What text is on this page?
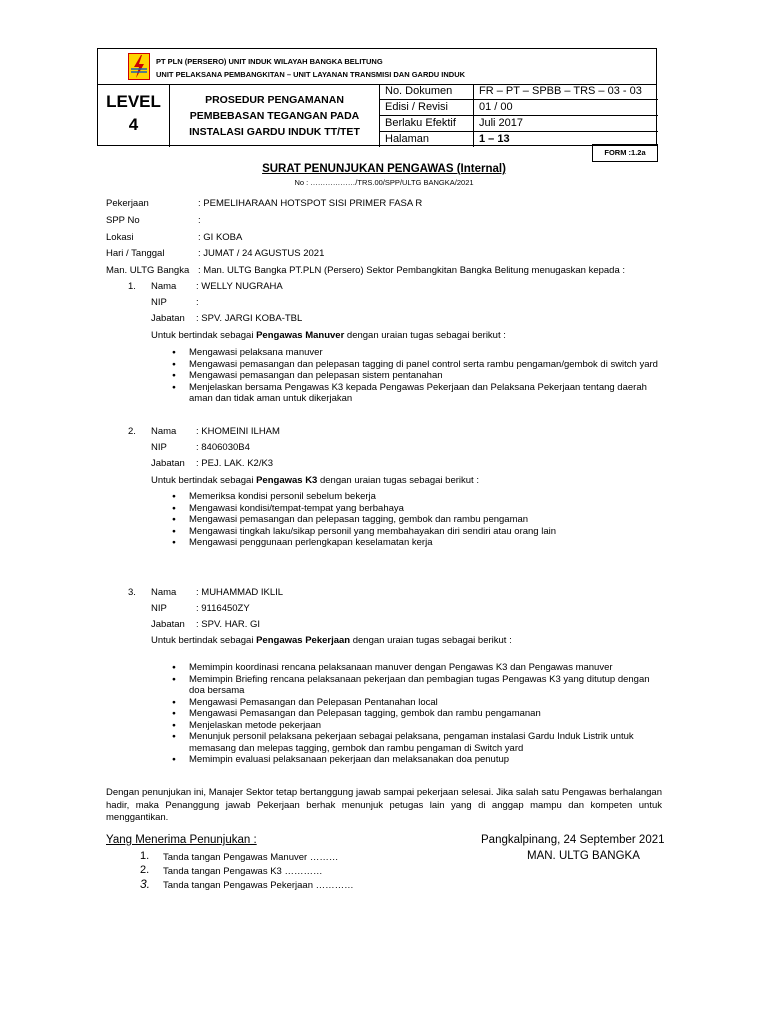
PT PLN (PERSERO) UNIT INDUK WILAYAH BANGKA BELITUNG
UNIT PELAKSANA PEMBANGKITAN – UNIT LAYANAN TRANSMISI DAN GARDU INDUK
LEVEL
4
PROSEDUR PENGAMANAN
PEMBEBASAN TEGANGAN PADA
INSTALASI GARDU INDUK TT/TET
No. Dokumen	FR – PT – SPBB – TRS – 03 - 03
Edisi / Revisi	01 / 00
Berlaku Efektif	Juli 2017
Halaman	1 – 13
FORM :1.2a
SURAT PENUNJUKAN PENGAWAS (Internal)
No : ………………/TRS.00/SPP/ULTG BANGKA/2021
Pekerjaan	: PEMELIHARAAN HOTSPOT SISI PRIMER FASA R
SPP No	:
Lokasi	: GI KOBA
Hari / Tanggal	: JUMAT / 24 AGUSTUS 2021
Man. ULTG Bangka : Man. ULTG Bangka PT.PLN (Persero) Sektor Pembangkitan Bangka Belitung menugaskan kepada :
1. Nama : WELLY NUGRAHA
NIP	:
Jabatan : SPV. JARGI KOBA-TBL
Untuk bertindak sebagai Pengawas Manuver dengan uraian tugas sebagai berikut :
● Mengawasi pelaksana manuver
● Mengawasi pemasangan dan pelepasan tagging di panel control serta rambu pengaman/gembok di switch yard
● Mengawasi pemasangan dan pelepasan sistem pentanahan
● Menjelaskan bersama Pengawas K3 kepada Pengawas Pekerjaan dan Pelaksana Pekerjaan tentang daerah aman dan tidak aman untuk dikerjakan
2. Nama : KHOMEINI ILHAM
NIP	: 8406030B4
Jabatan : PEJ. LAK. K2/K3
Untuk bertindak sebagai Pengawas K3 dengan uraian tugas sebagai berikut :
● Memeriksa kondisi personil sebelum bekerja
● Mengawasi kondisi/tempat-tempat yang berbahaya
● Mengawasi pemasangan dan pelepasan tagging, gembok dan rambu pengaman
● Mengawasi tingkah laku/sikap personil yang membahayakan diri sendiri atau orang lain
● Mengawasi penggunaan perlengkapan keselamatan kerja
3. Nama : MUHAMMAD IKLIL
NIP	: 9116450ZY
Jabatan : SPV. HAR. GI
Untuk bertindak sebagai Pengawas Pekerjaan dengan uraian tugas sebagai berikut :
● Memimpin koordinasi rencana pelaksanaan manuver dengan Pengawas K3 dan Pengawas manuver
● Memimpin Briefing rencana pelaksanaan pekerjaan dan pembagian tugas Pengawas K3 yang ditutup dengan doa bersama
● Mengawasi Pemasangan dan Pelepasan Pentanahan local
● Mengawasi Pemasangan dan Pelepasan tagging, gembok dan rambu pengamanan
● Menjelaskan metode pekerjaan
● Menunjuk personil pelaksana pekerjaan sebagai pelaksana, pengaman instalasi Gardu Induk Listrik untuk memasang dan melepas tagging, gembok dan rambu pengaman di Switch yard
● Memimpin evaluasi pelaksanaan pekerjaan dan melaksanakan doa penutup
Dengan penunjukan ini, Manajer Sektor tetap bertanggung jawab sampai pekerjaan selesai. Jika salah satu Pengawas berhalangan hadir, maka Penanggung jawab Pekerjaan berhak menunjuk petugas lain yang di anggap mampu dan kompeten untuk menggantikan.
Yang Menerima Penunjukan :	Pangkalpinang, 24 September 2021
MAN. ULTG BANGKA
1. Tanda tangan Pengawas Manuver ………
2. Tanda tangan Pengawas K3 …………
3. Tanda tangan Pengawas Pekerjaan …………
